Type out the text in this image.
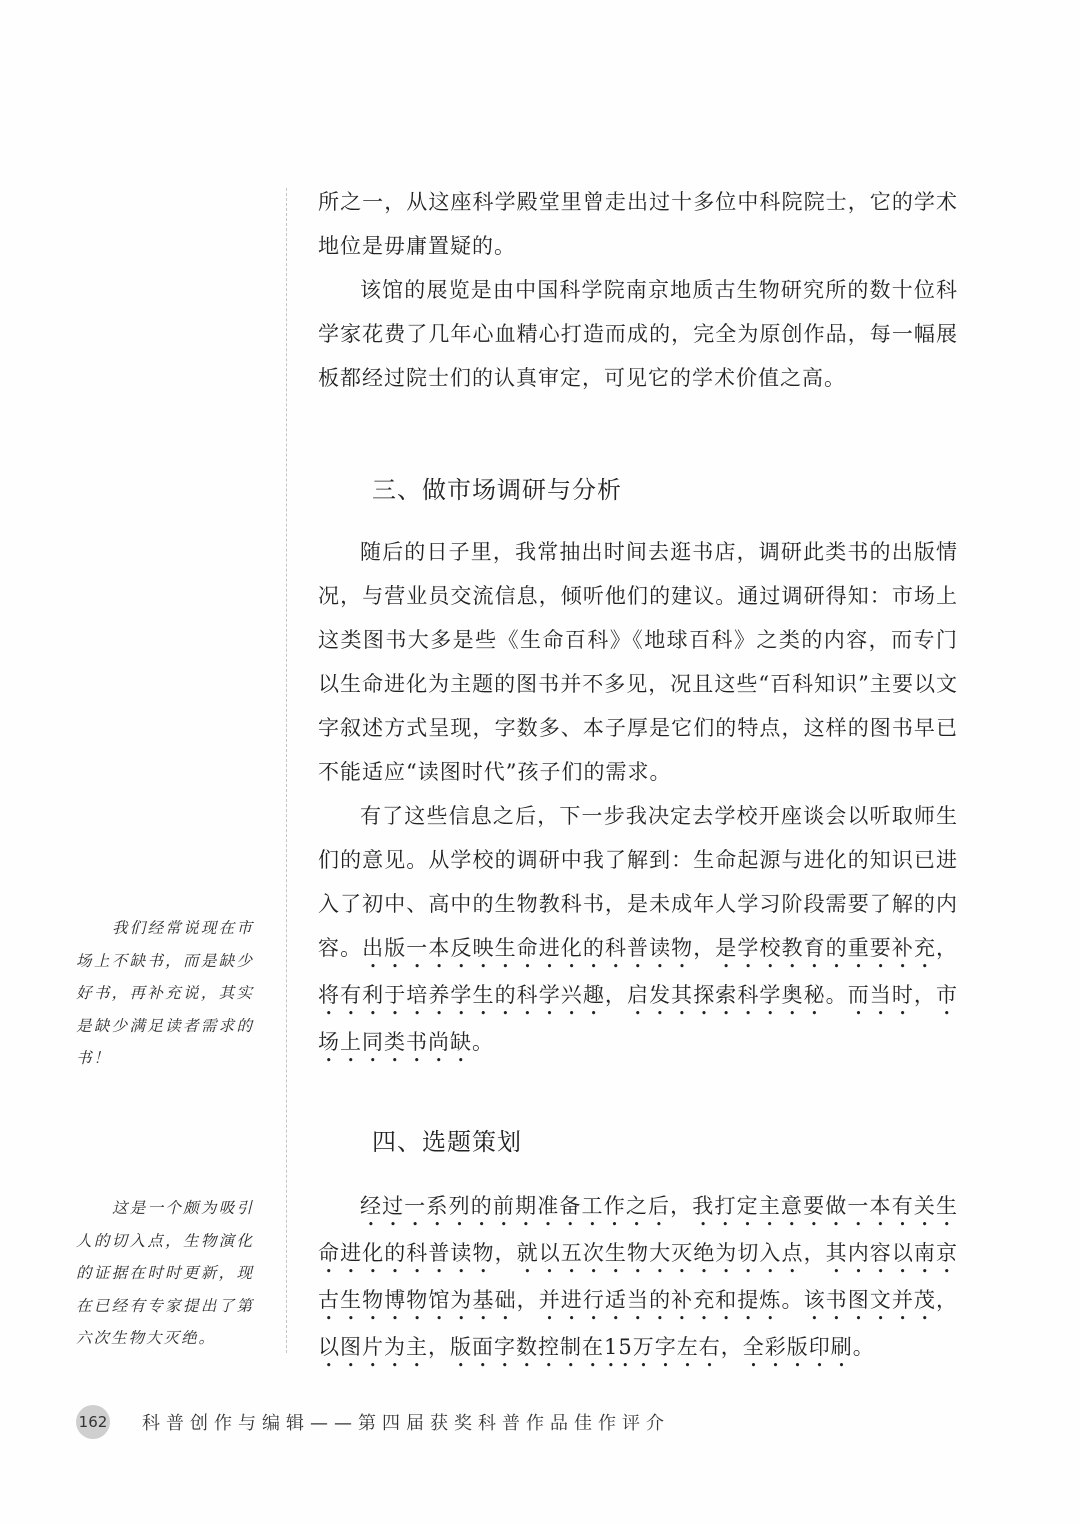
所之一，从这座科学殿堂里曾走出过十多位中科院院士，它的学术地位是毋庸置疑的。

该馆的展览是由中国科学院南京地质古生物研究所的数十位科学家花费了几年心血精心打造而成的，完全为原创作品，每一幅展板都经过院士们的认真审定，可见它的学术价值之高。

三、做市场调研与分析

随后的日子里，我常抽出时间去逛书店，调研此类书的出版情况，与营业员交流信息，倾听他们的建议。通过调研得知：市场上这类图书大多是些《生命百科》《地球百科》之类的内容，而专门以生命进化为主题的图书并不多见，况且这些“百科知识”主要以文字叙述方式呈现，字数多、本子厚是它们的特点，这样的图书早已不能适应“读图时代”孩子们的需求。

有了这些信息之后，下一步我决定去学校开座谈会以听取师生们的意见。从学校的调研中我了解到：生命起源与进化的知识已进入了初中、高中的生物教科书，是未成年人学习阶段需要了解的内容。出版一本反映生命进化的科普读物，是学校教育的重要补充，将有利于培养学生的科学兴趣，启发其探索科学奥秘。而当时，市场上同类书尚缺。

四、选题策划

经过一系列的前期准备工作之后，我打定主意要做一本有关生命进化的科普读物，就以五次生物大灭绝为切入点，其内容以南京古生物博物馆为基础，并进行适当的补充和提炼。该书图文并茂，以图片为主，版面字数控制在15万字左右，全彩版印刷。

我们经常说现在市场上不缺书，而是缺少好书，再补充说，其实是缺少满足读者需求的书！
这是一个颇为吸引人的切入点，生物演化的证据在时时更新，现在已经有专家提出了第六次生物大灭绝。
162 科普创作与编辑——第四届获奖科普作品佳作评介
